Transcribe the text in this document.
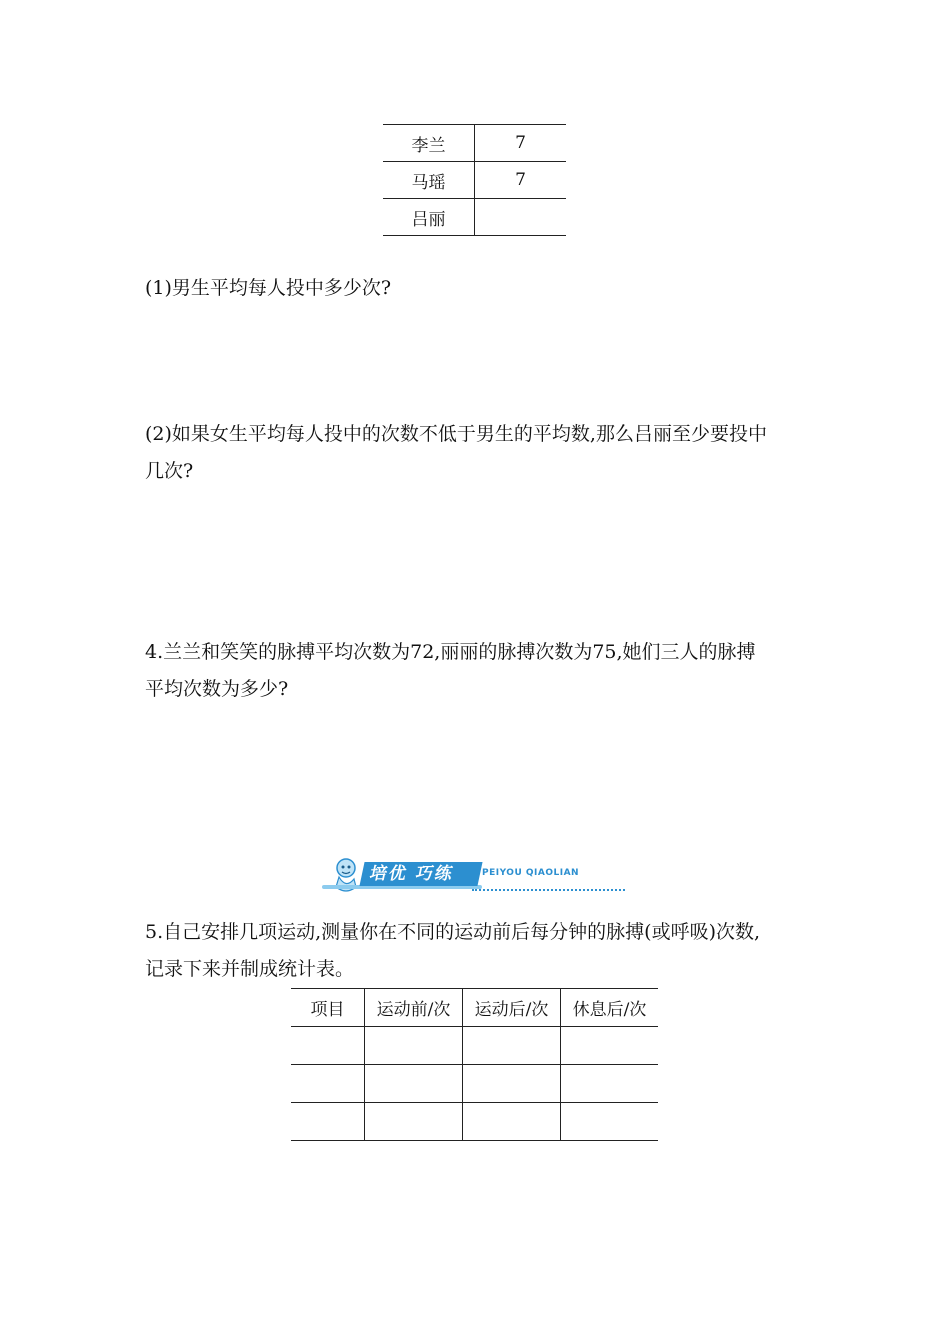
李兰	7
马瑶	7
吕丽	
(1)男生平均每人投中多少次?
(2)如果女生平均每人投中的次数不低于男生的平均数,那么吕丽至少要投中
几次?
4.兰兰和笑笑的脉搏平均次数为72,丽丽的脉搏次数为75,她们三人的脉搏
平均次数为多少?
培优 巧练	PEIYOU QIAOLIAN
5.自己安排几项运动,测量你在不同的运动前后每分钟的脉搏(或呼吸)次数,
记录下来并制成统计表。
项目	运动前/次	运动后/次	休息后/次
